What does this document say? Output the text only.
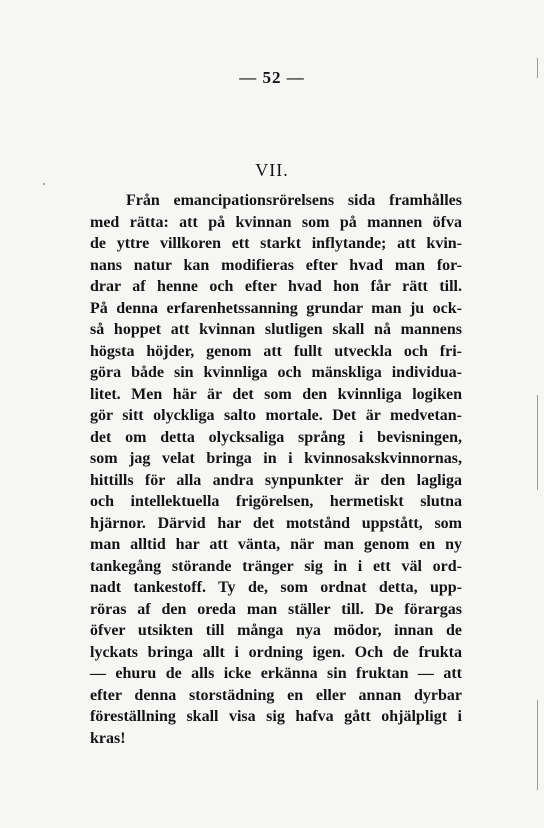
— 52 —
VII.
Från emancipationsrörelsens sida framhålles
med rätta: att på kvinnan som på mannen öfva
de yttre villkoren ett starkt inflytande; att kvin-
nans natur kan modifieras efter hvad man for-
drar af henne och efter hvad hon får rätt till.
På denna erfarenhetssanning grundar man ju ock-
så hoppet att kvinnan slutligen skall nå mannens
högsta höjder, genom att fullt utveckla och fri-
göra både sin kvinnliga och mänskliga individua-
litet. Men här är det som den kvinnliga logiken
gör sitt olyckliga salto mortale. Det är medvetan-
det om detta olycksaliga språng i bevisningen,
som jag velat bringa in i kvinnosakskvinnornas,
hittills för alla andra synpunkter är den lagliga
och intellektuella frigörelsen, hermetiskt slutna
hjärnor. Därvid har det motstånd uppstått, som
man alltid har att vänta, när man genom en ny
tankegång störande tränger sig in i ett väl ord-
nadt tankestoff. Ty de, som ordnat detta, upp-
röras af den oreda man ställer till. De förargas
öfver utsikten till många nya mödor, innan de
lyckats bringa allt i ordning igen. Och de frukta
— ehuru de alls icke erkänna sin fruktan — att
efter denna storstädning en eller annan dyrbar
föreställning skall visa sig hafva gått ohjälpligt i
kras!
